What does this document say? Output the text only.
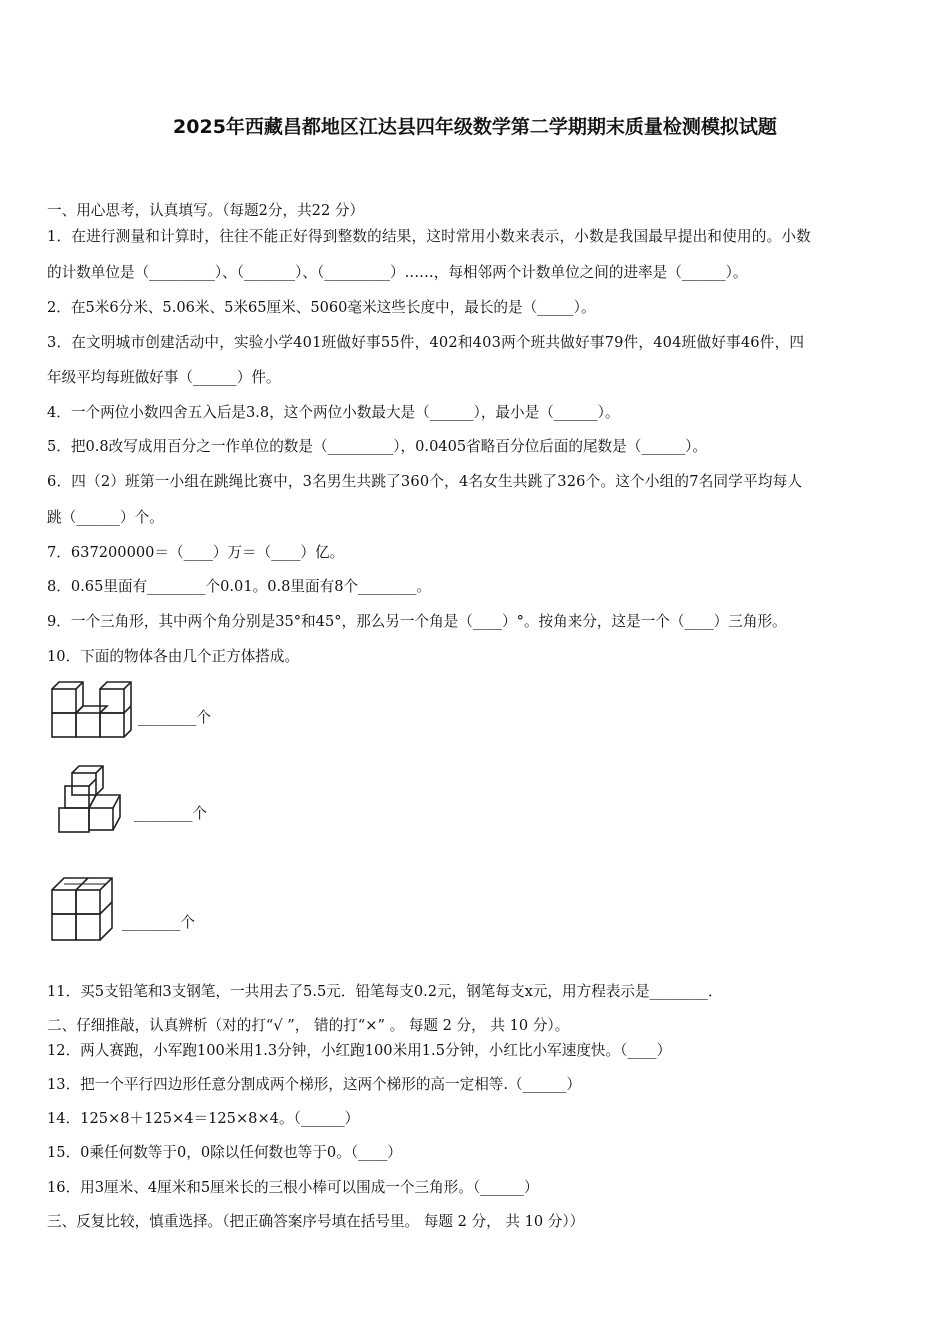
2025年西藏昌都地区江达县四年级数学第二学期期末质量检测模拟试题
一、用心思考，认真填写。（每题2分，共22 分）
1．在进行测量和计算时，往往不能正好得到整数的结果，这时常用小数来表示，小数是我国最早提出和使用的。小数
的计数单位是（_________）、（_______）、（_________）……，每相邻两个计数单位之间的进率是（______）。
2．在5米6分米、5.06米、5米65厘米、5060毫米这些长度中，最长的是（_____）。
3．在文明城市创建活动中，实验小学401班做好事55件，402和403两个班共做好事79件，404班做好事46件，四
年级平均每班做好事（______）件。
4．一个两位小数四舍五入后是3.8，这个两位小数最大是（______），最小是（______）。
5．把0.8改写成用百分之一作单位的数是（_________），0.0405省略百分位后面的尾数是（______）。
6．四（2）班第一小组在跳绳比赛中，3名男生共跳了360个，4名女生共跳了326个。这个小组的7名同学平均每人
跳（______）个。
7．637200000＝（____）万＝（____）亿。
8．0.65里面有________个0.01。0.8里面有8个________。
9．一个三角形，其中两个角分别是35°和45°，那么另一个角是（____）°。按角来分，这是一个（____）三角形。
10．下面的物体各由几个正方体搭成。
________个
________个
________个
11．买5支铅笔和3支钢笔，一共用去了5.5元．铅笔每支0.2元，钢笔每支x元，用方程表示是________．
二、仔细推敲，认真辨析（对的打“√ ”， 错的打“×” 。 每题 2 分， 共 10 分）。
12．两人赛跑，小军跑100米用1.3分钟，小红跑100米用1.5分钟，小红比小军速度快。（____）
13．把一个平行四边形任意分割成两个梯形，这两个梯形的高一定相等.（______）
14．125×8＋125×4＝125×8×4。（______）
15．0乘任何数等于0，0除以任何数也等于0。（____）
16．用3厘米、4厘米和5厘米长的三根小棒可以围成一个三角形。（______）
三、反复比较，慎重选择。（把正确答案序号填在括号里。 每题 2 分， 共 10 分））
